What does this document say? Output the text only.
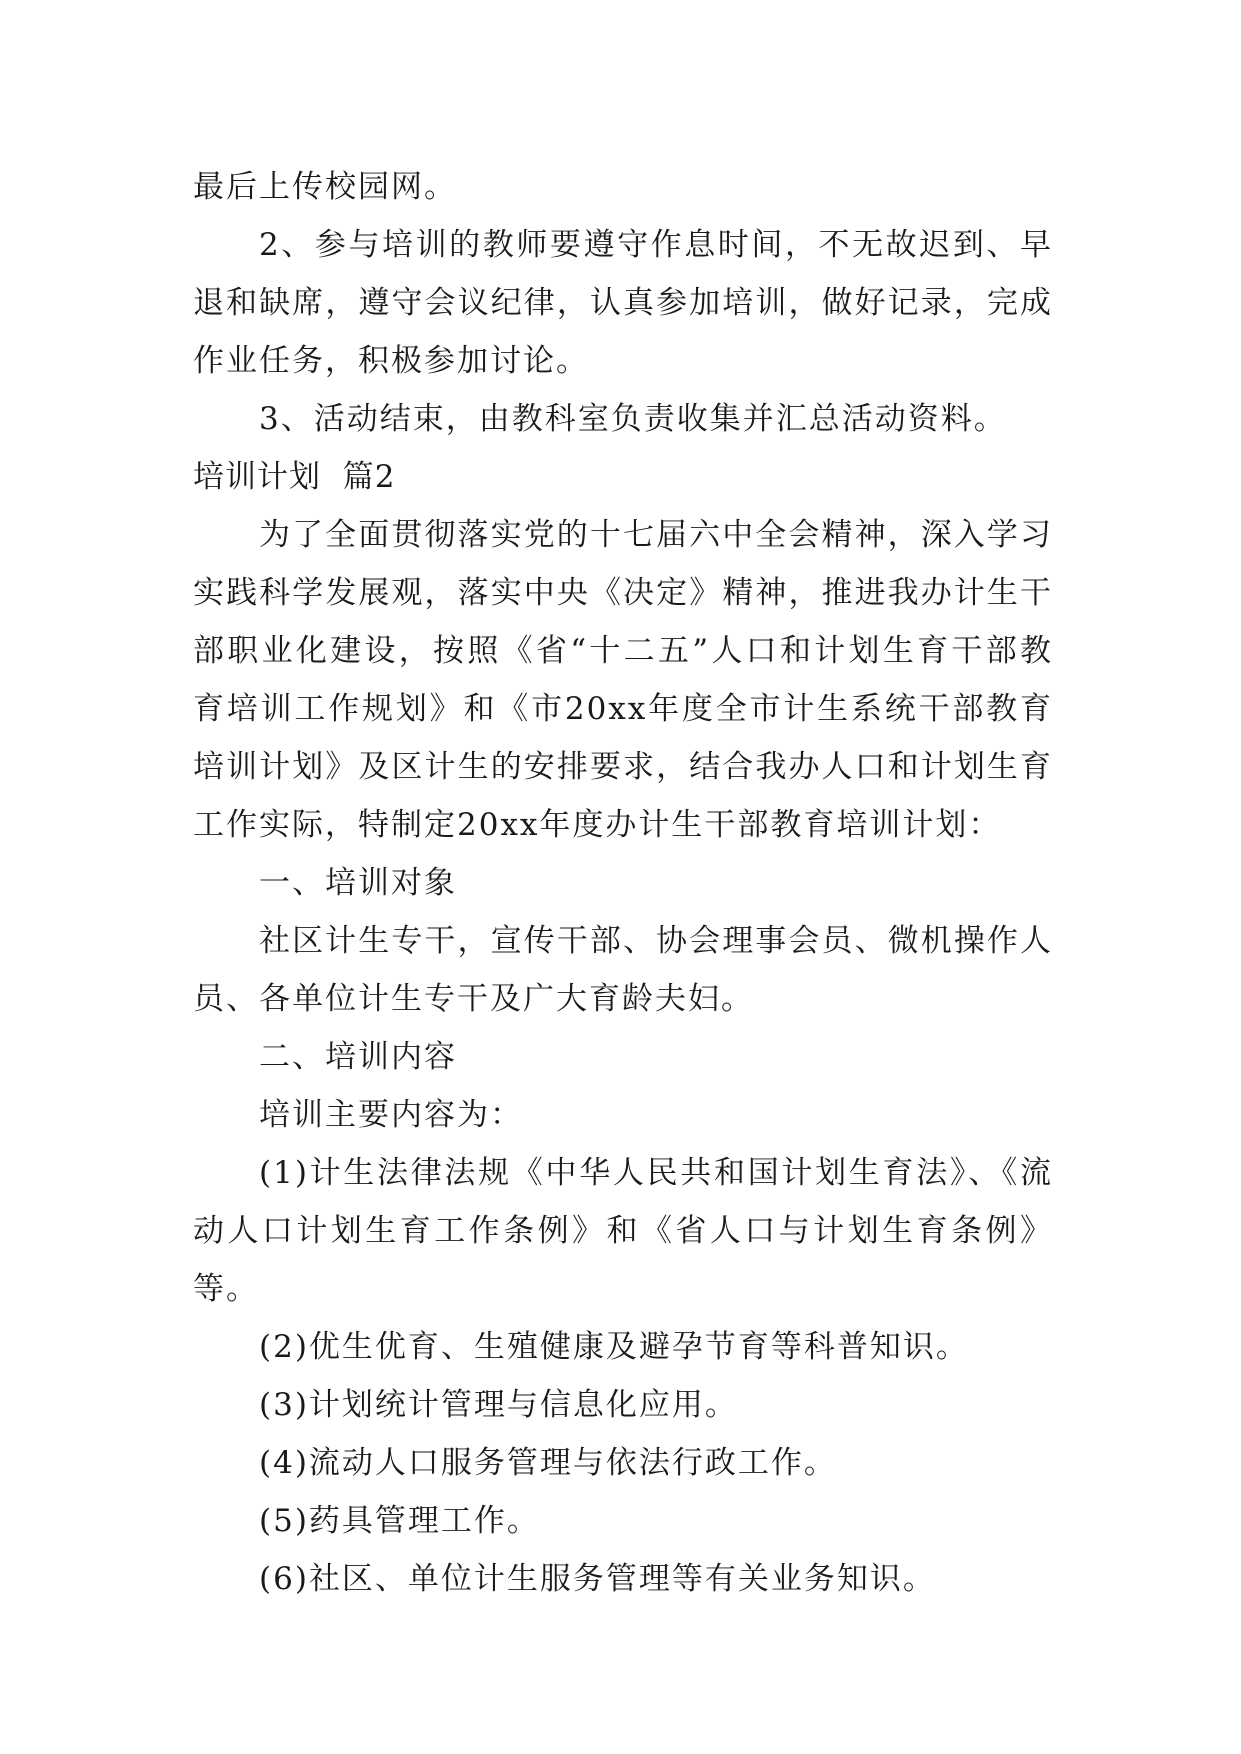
最后上传校园网。

2、参与培训的教师要遵守作息时间，不无故迟到、早退和缺席，遵守会议纪律，认真参加培训，做好记录，完成作业任务，积极参加讨论。

3、活动结束，由教科室负责收集并汇总活动资料。

培训计划  篇2

为了全面贯彻落实党的十七届六中全会精神，深入学习实践科学发展观，落实中央《决定》精神，推进我办计生干部职业化建设，按照《省“十二五”人口和计划生育干部教育培训工作规划》和《市20xx年度全市计生系统干部教育培训计划》及区计生的安排要求，结合我办人口和计划生育工作实际，特制定20xx年度办计生干部教育培训计划：

一、培训对象

社区计生专干，宣传干部、协会理事会员、微机操作人员、各单位计生专干及广大育龄夫妇。

二、培训内容

培训主要内容为：

(1)计生法律法规《中华人民共和国计划生育法》、《流动人口计划生育工作条例》和《省人口与计划生育条例》等。

(2)优生优育、生殖健康及避孕节育等科普知识。

(3)计划统计管理与信息化应用。

(4)流动人口服务管理与依法行政工作。

(5)药具管理工作。

(6)社区、单位计生服务管理等有关业务知识。
